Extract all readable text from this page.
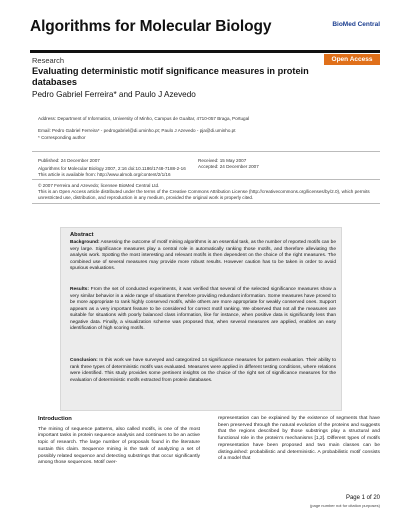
Algorithms for Molecular Biology	BioMed Central
Research	Open Access
Evaluating deterministic motif significance measures in protein databases
Pedro Gabriel Ferreira* and Paulo J Azevedo
Address: Department of Informatics, University of Minho, Campus de Gualtar, 4710-057 Braga, Portugal
Email: Pedro Gabriel Ferreira* - pedrogabriel@di.uminho.pt; Paulo J Azevedo - pja@di.uminho.pt
* Corresponding author
Published: 24 December 2007	Received: 15 May 2007
Accepted: 24 December 2007
Algorithms for Molecular Biology 2007, 2:16 doi:10.1186/1748-7188-2-16
This article is available from: http://www.almob.org/content/2/1/16
© 2007 Ferreira and Azevedo; licensee BioMed Central Ltd.
This is an Open Access article distributed under the terms of the Creative Commons Attribution License (http://creativecommons.org/licenses/by/2.0), which permits unrestricted use, distribution, and reproduction in any medium, provided the original work is properly cited.
Abstract
Background: Assessing the outcome of motif mining algorithms is an essential task, as the number of reported motifs can be very large. Significance measures play a central role in automatically ranking those motifs, and therefore alleviating the analysis work. Spotting the most interesting and relevant motifs is then dependent on the choice of the right measures. The combined use of several measures may provide more robust results. However caution has to be taken in order to avoid spurious evaluations.
Results: From the set of conducted experiments, it was verified that several of the selected significance measures show a very similar behavior in a wide range of situations therefore providing redundant information. Some measures have proved to be more appropriate to rank highly conserved motifs, while others are more appropriate for weakly conserved ones. Support appears as a very important feature to be considered for correct motif ranking. We observed that not all the measures are suitable for situations with poorly balanced class information, like for instance, when positive data is significantly less than negative data. Finally, a visualization scheme was proposed that, when several measures are applied, enables an easy identification of high scoring motifs.
Conclusion: In this work we have surveyed and categorized 14 significance measures for pattern evaluation. Their ability to rank three types of deterministic motifs was evaluated. Measures were applied in different testing conditions, where relations were identified. This study provides some pertinent insights on the choice of the right set of significance measures for the evaluation of deterministic motifs extracted from protein databases.
Introduction
The mining of sequence patterns, also called motifs, is one of the most important tasks in protein sequence analysis and continues to be an active topic of research. The large number of proposals found in the literature sustain this claim. Sequence mining is the task of analyzing a set of possibly related sequence and detecting substrings that occur significantly among those sequences. Motif over-
representation can be explained by the existence of segments that have been preserved through the natural evolution of the proteins and suggests that the regions described by those substrings play a structural and functional role in the protein's mechanisms [1,2]. Different types of motifs representation have been proposed and two main classes can be distinguished: probabilistic and deterministic. A probabilistic motif consists of a model that
Page 1 of 20
(page number not for citation purposes)
